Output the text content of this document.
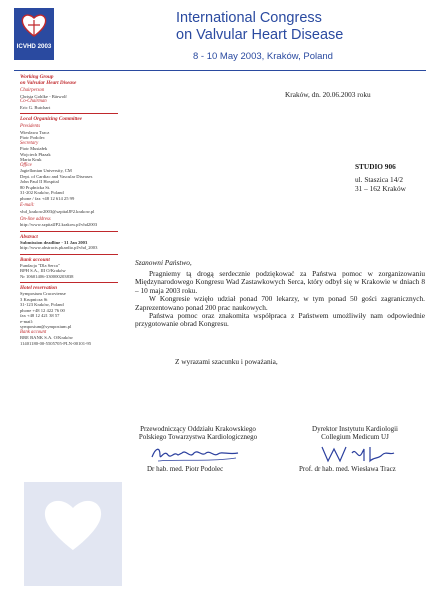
ICVHD 2003
International Congress
on Valvular Heart Disease
8 - 10 May 2003, Kraków, Poland
Working Group
on Valvular Heart Disease
Chairperson
Christa Gohlke - Bärwolf
Co-Chairman
Eric G. Butchart
Local Organizing Committee
Presidents
Wiesława Tracz
Piotr Podolec
Secretary
Piotr Musiałek
Wojciech Płazak
Maria Kruk
Office
Jagiellonian University, CM
Dept. of Cardiac and Vascular Diseases
John Paul II Hospital
80 Prądnicka St.
31-202 Kraków, Poland
phone / fax +48 12 614 25 99
E-mail:
vhd_krakow2003@szpitalJP2.krakow.pl
On-line address
http://www.szpitalJP2.krakow.pl/vhd2003
Abstract
Submission deadline - 31 Jan 2003
http://www.abstracts.pkardio.pl/vhd_2003
Bank account
Fundacja "Dla Serca"
BPH S.A., III O/Kraków
Nr 10601406-330000203838
Hotel reservation
Symposium Cracoviense
3 Krupnicza St
31-123 Kraków, Poland
phone +48 12 422 76 00
fax +48 12 421 38 57
e-mail:
symposium@symposium.pl
Bank account
BRE BANK S.A. O/Kraków
11401180-00-5505705-PLN-00101-95
Kraków, dn. 20.06.2003 roku
STUDIO 906
ul. Staszica 14/2
31 – 162 Kraków
Szanowni Państwo,

Pragniemy tą drogą serdecznie podziękować za Państwa pomoc w zorganizowaniu Międzynarodowego Kongresu Wad Zastawkowych Serca, który odbył się w Krakowie w dniach 8 – 10 maja 2003 roku.

W Kongresie wzięło udział ponad 700 lekarzy, w tym ponad 50 gości zagranicznych. Zaprezentowano ponad 200 prac naukowych.

Państwa pomoc oraz znakomita współpraca z Państwem umożliwiły nam odpowiednie przygotowanie obrad Kongresu.

Z wyrazami szacunku i poważania,
Przewodniczący Oddziału Krakowskiego
Polskiego Towarzystwa Kardiologicznego
Dyrektor Instytutu Kardiologii
Collegium Medicum UJ
Dr hab. med. Piotr Podolec	Prof. dr hab. med. Wiesława Tracz
